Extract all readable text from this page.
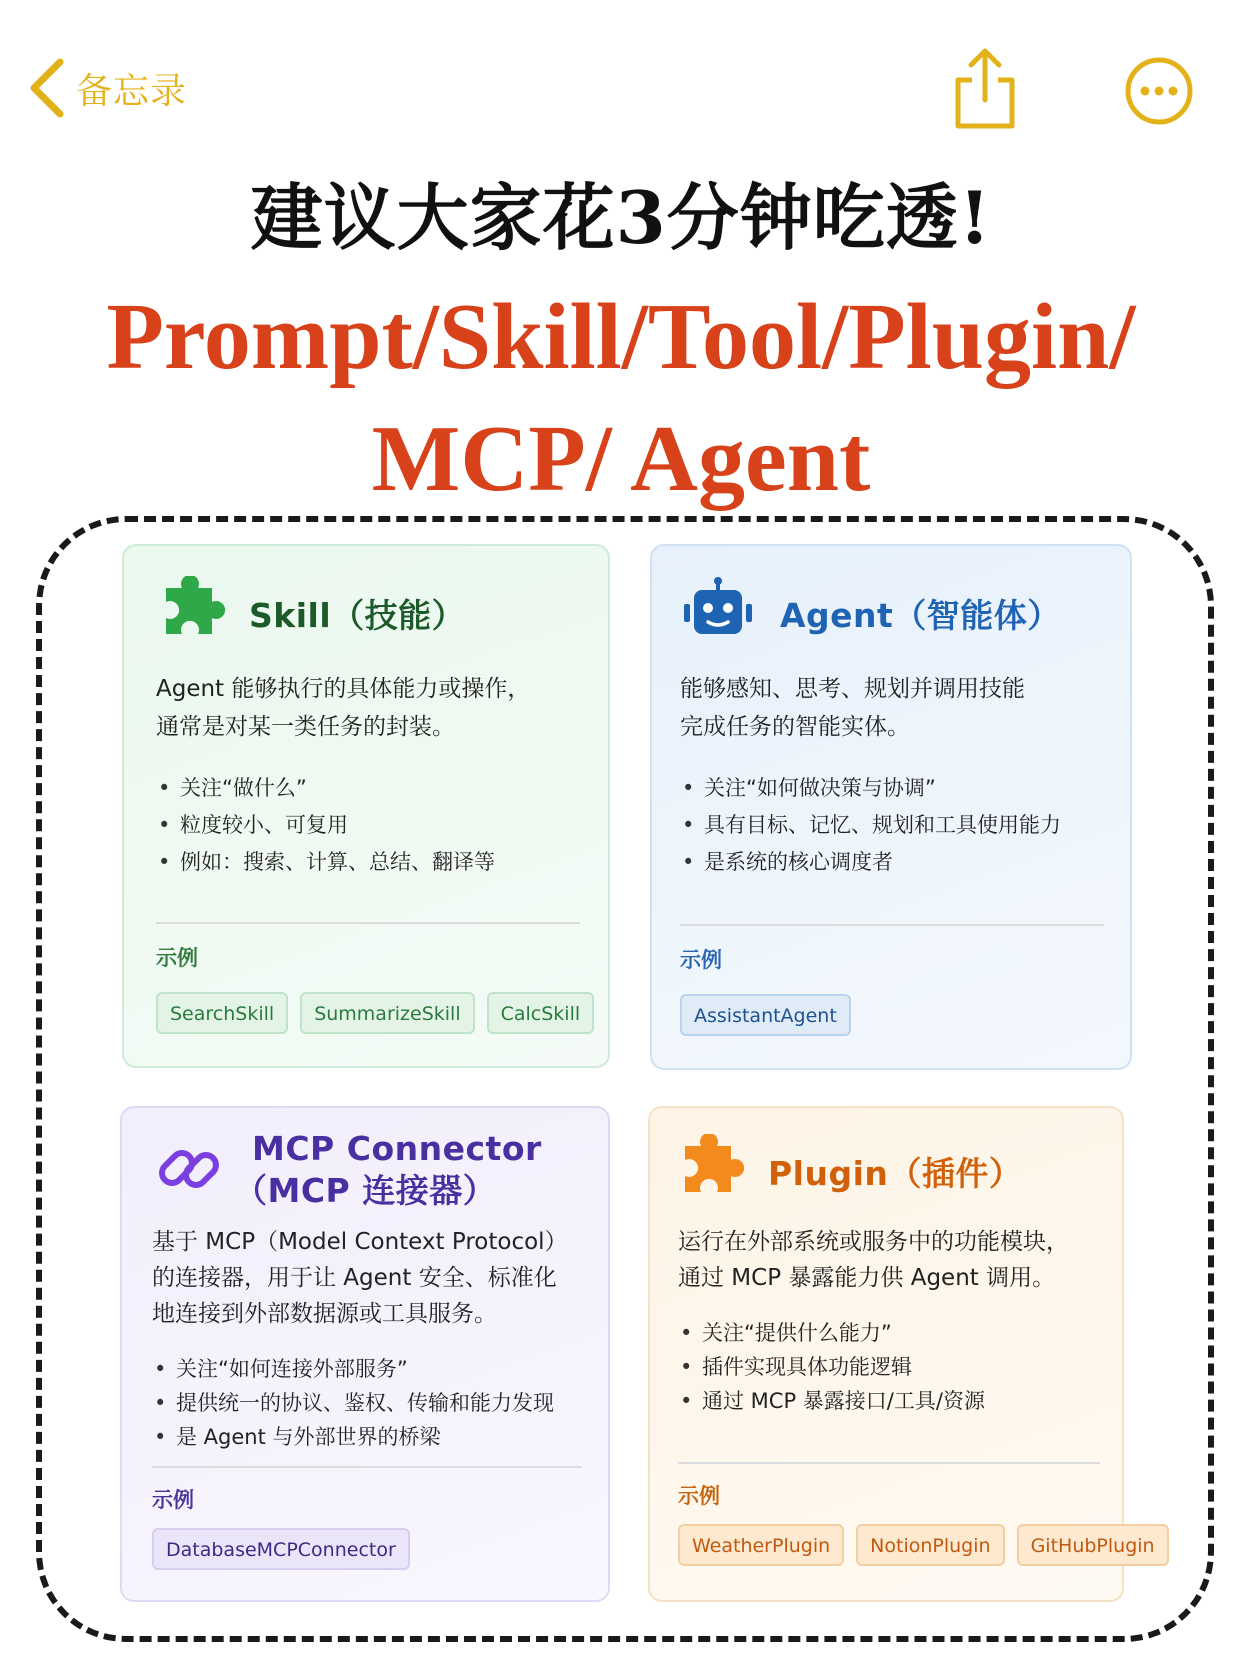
备忘录
建议大家花3分钟吃透!
Prompt/Skill/Tool/Plugin/
MCP/ Agent
Skill（技能）
Agent 能够执行的具体能力或操作，
通常是对某一类任务的封装。
• 关注“做什么”
• 粒度较小、可复用
• 例如：搜索、计算、总结、翻译等
示例
SearchSkill	SummarizeSkill	CalcSkill
Agent（智能体）
能够感知、思考、规划并调用技能
完成任务的智能实体。
• 关注“如何做决策与协调”
• 具有目标、记忆、规划和工具使用能力
• 是系统的核心调度者
示例
AssistantAgent
MCP Connector
（MCP 连接器）
基于 MCP（Model Context Protocol）
的连接器，用于让 Agent 安全、标准化
地连接到外部数据源或工具服务。
• 关注“如何连接外部服务”
• 提供统一的协议、鉴权、传输和能力发现
• 是 Agent 与外部世界的桥梁
示例
DatabaseMCPConnector
Plugin（插件）
运行在外部系统或服务中的功能模块，
通过 MCP 暴露能力供 Agent 调用。
• 关注“提供什么能力”
• 插件实现具体功能逻辑
• 通过 MCP 暴露接口/工具/资源
示例
WeatherPlugin	NotionPlugin	GitHubPlugin
